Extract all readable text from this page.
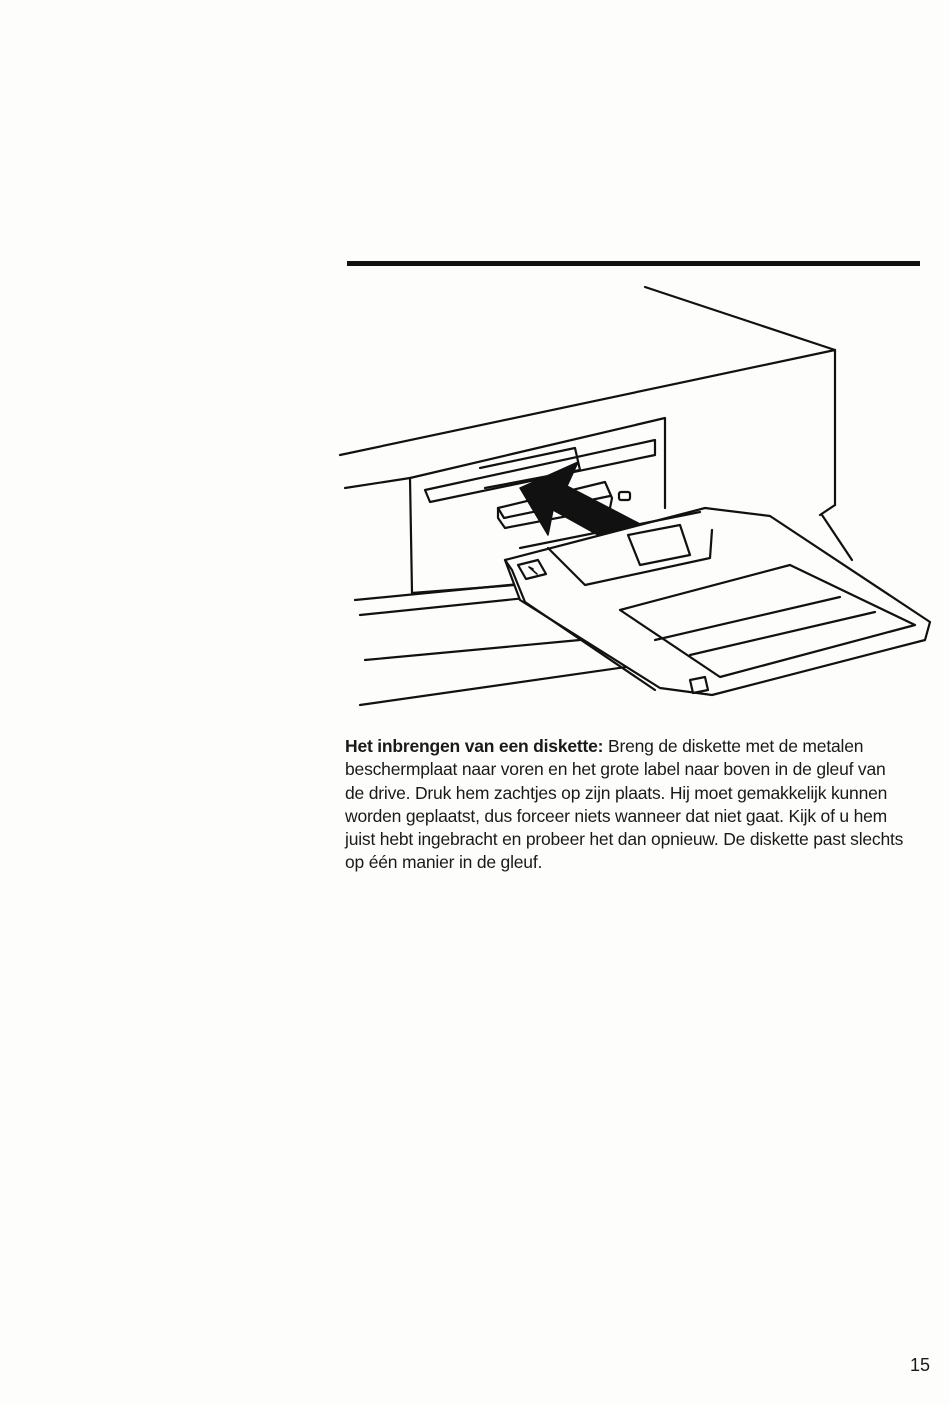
Het inbrengen van een diskette: Breng de diskette met de metalen beschermplaat naar voren en het grote label naar boven in de gleuf van de drive. Druk hem zachtjes op zijn plaats. Hij moet gemakkelijk kunnen worden geplaatst, dus forceer niets wanneer dat niet gaat. Kijk of u hem juist hebt ingebracht en probeer het dan opnieuw. De diskette past slechts op één manier in de gleuf.

15
